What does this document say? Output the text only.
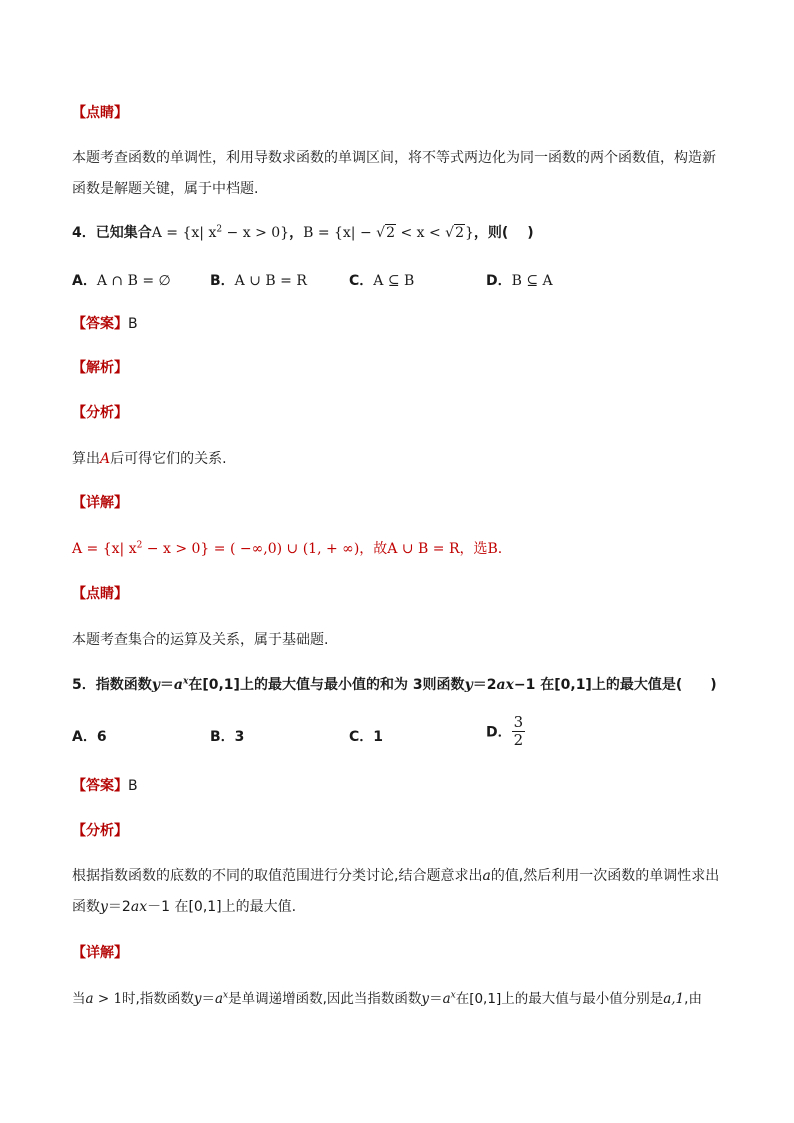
【点睛】
本题考查函数的单调性，利用导数求函数的单调区间，将不等式两边化为同一函数的两个函数值，构造新
函数是解题关键，属于中档题.
4．已知集合A = {x| $x^2 - x > 0$}，B = {x| − √2 < x < √2}，则(　 )
A．A ∩ B = ∅	B．A ∪ B = R	C．A ⊆ B	D．B ⊆ A
【答案】B
【解析】
【分析】
算出A后可得它们的关系.
【详解】
A = {x| $x^2 - x > 0$} = ( −∞,0) ∪ (1, + ∞)，故A ∪ B = R，选B.
【点睛】
本题考查集合的运算及关系，属于基础题.
5．指数函数$y=a^x$在[0,1]上的最大值与最小值的和为 3则函数y＝2ax−1 在[0,1]上的最大值是(　　)
A．6	B．3	C．1	D． $\frac{3}{2}$
【答案】B
【分析】
根据指数函数的底数的不同的取值范围进行分类讨论,结合题意求出a的值,然后利用一次函数的单调性求出
函数y＝2ax－1 在[0,1]上的最大值.
【详解】
当a > 1时,指数函数$y=a^x$是单调递增函数,因此当指数函数$y=a^x$在[0,1]上的最大值与最小值分别是a,1,由
